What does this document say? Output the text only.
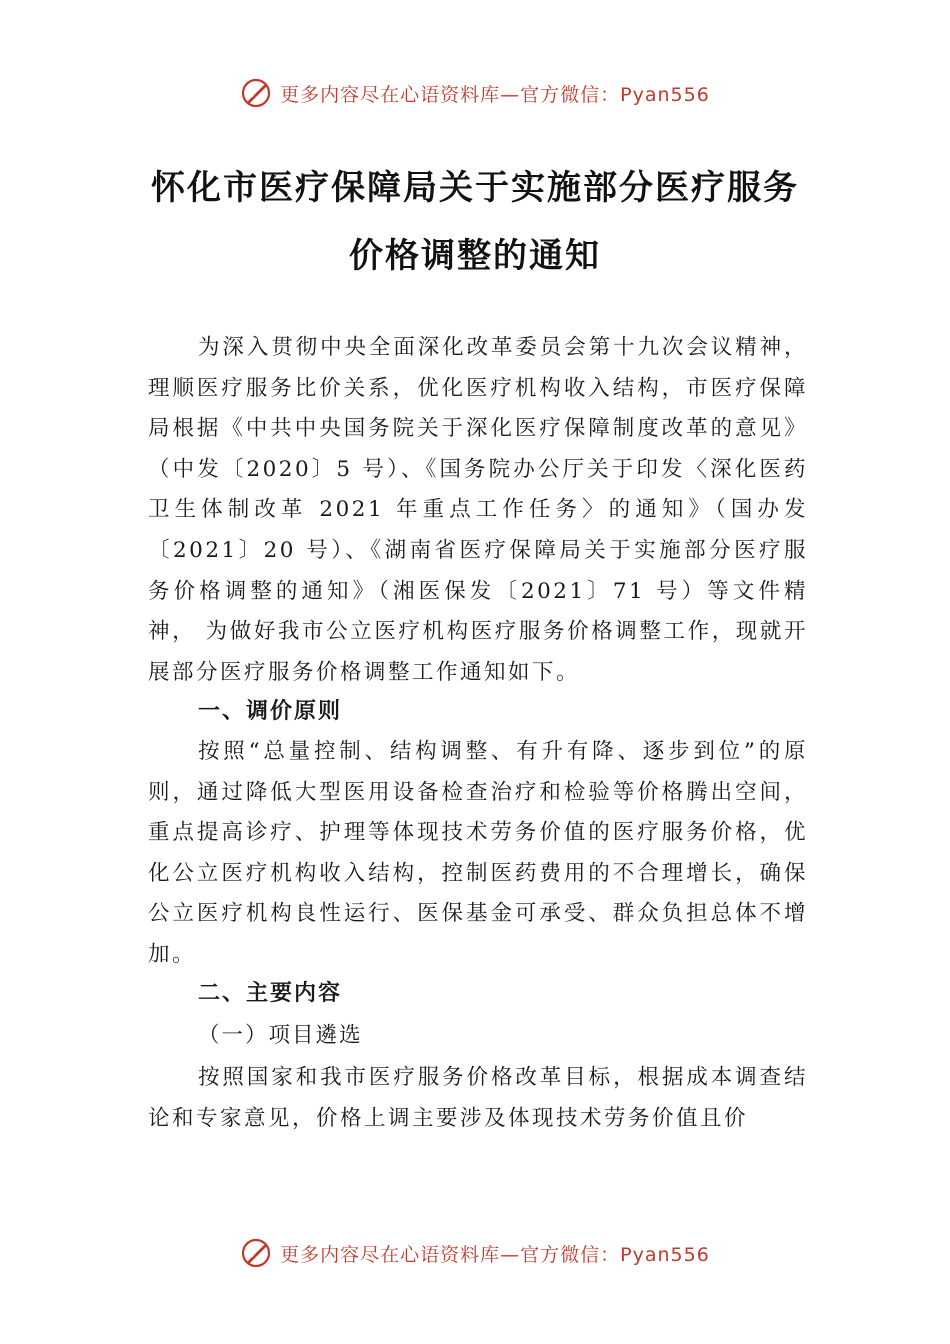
更多内容尽在心语资料库—官方微信：Pyan556
怀化市医疗保障局关于实施部分医疗服务
价格调整的通知

为深入贯彻中央全面深化改革委员会第十九次会议精神，理顺医疗服务比价关系，优化医疗机构收入结构，市医疗保障局根据《中共中央国务院关于深化医疗保障制度改革的意见》（中发〔2020〕5 号）、《国务院办公厅关于印发〈深化医药卫生体制改革 2021 年重点工作任务〉的通知》（国办发〔2021〕20 号）、《湖南省医疗保障局关于实施部分医疗服务价格调整的通知》（湘医保发〔2021〕71 号）等文件精神， 为做好我市公立医疗机构医疗服务价格调整工作，现就开展部分医疗服务价格调整工作通知如下。

一、调价原则

按照“总量控制、结构调整、有升有降、逐步到位”的原则，通过降低大型医用设备检查治疗和检验等价格腾出空间，重点提高诊疗、护理等体现技术劳务价值的医疗服务价格，优化公立医疗机构收入结构，控制医药费用的不合理增长，确保公立医疗机构良性运行、医保基金可承受、群众负担总体不增加。

二、主要内容
（一）项目遴选

按照国家和我市医疗服务价格改革目标，根据成本调查结论和专家意见，价格上调主要涉及体现技术劳务价值且价

更多内容尽在心语资料库—官方微信：Pyan556
